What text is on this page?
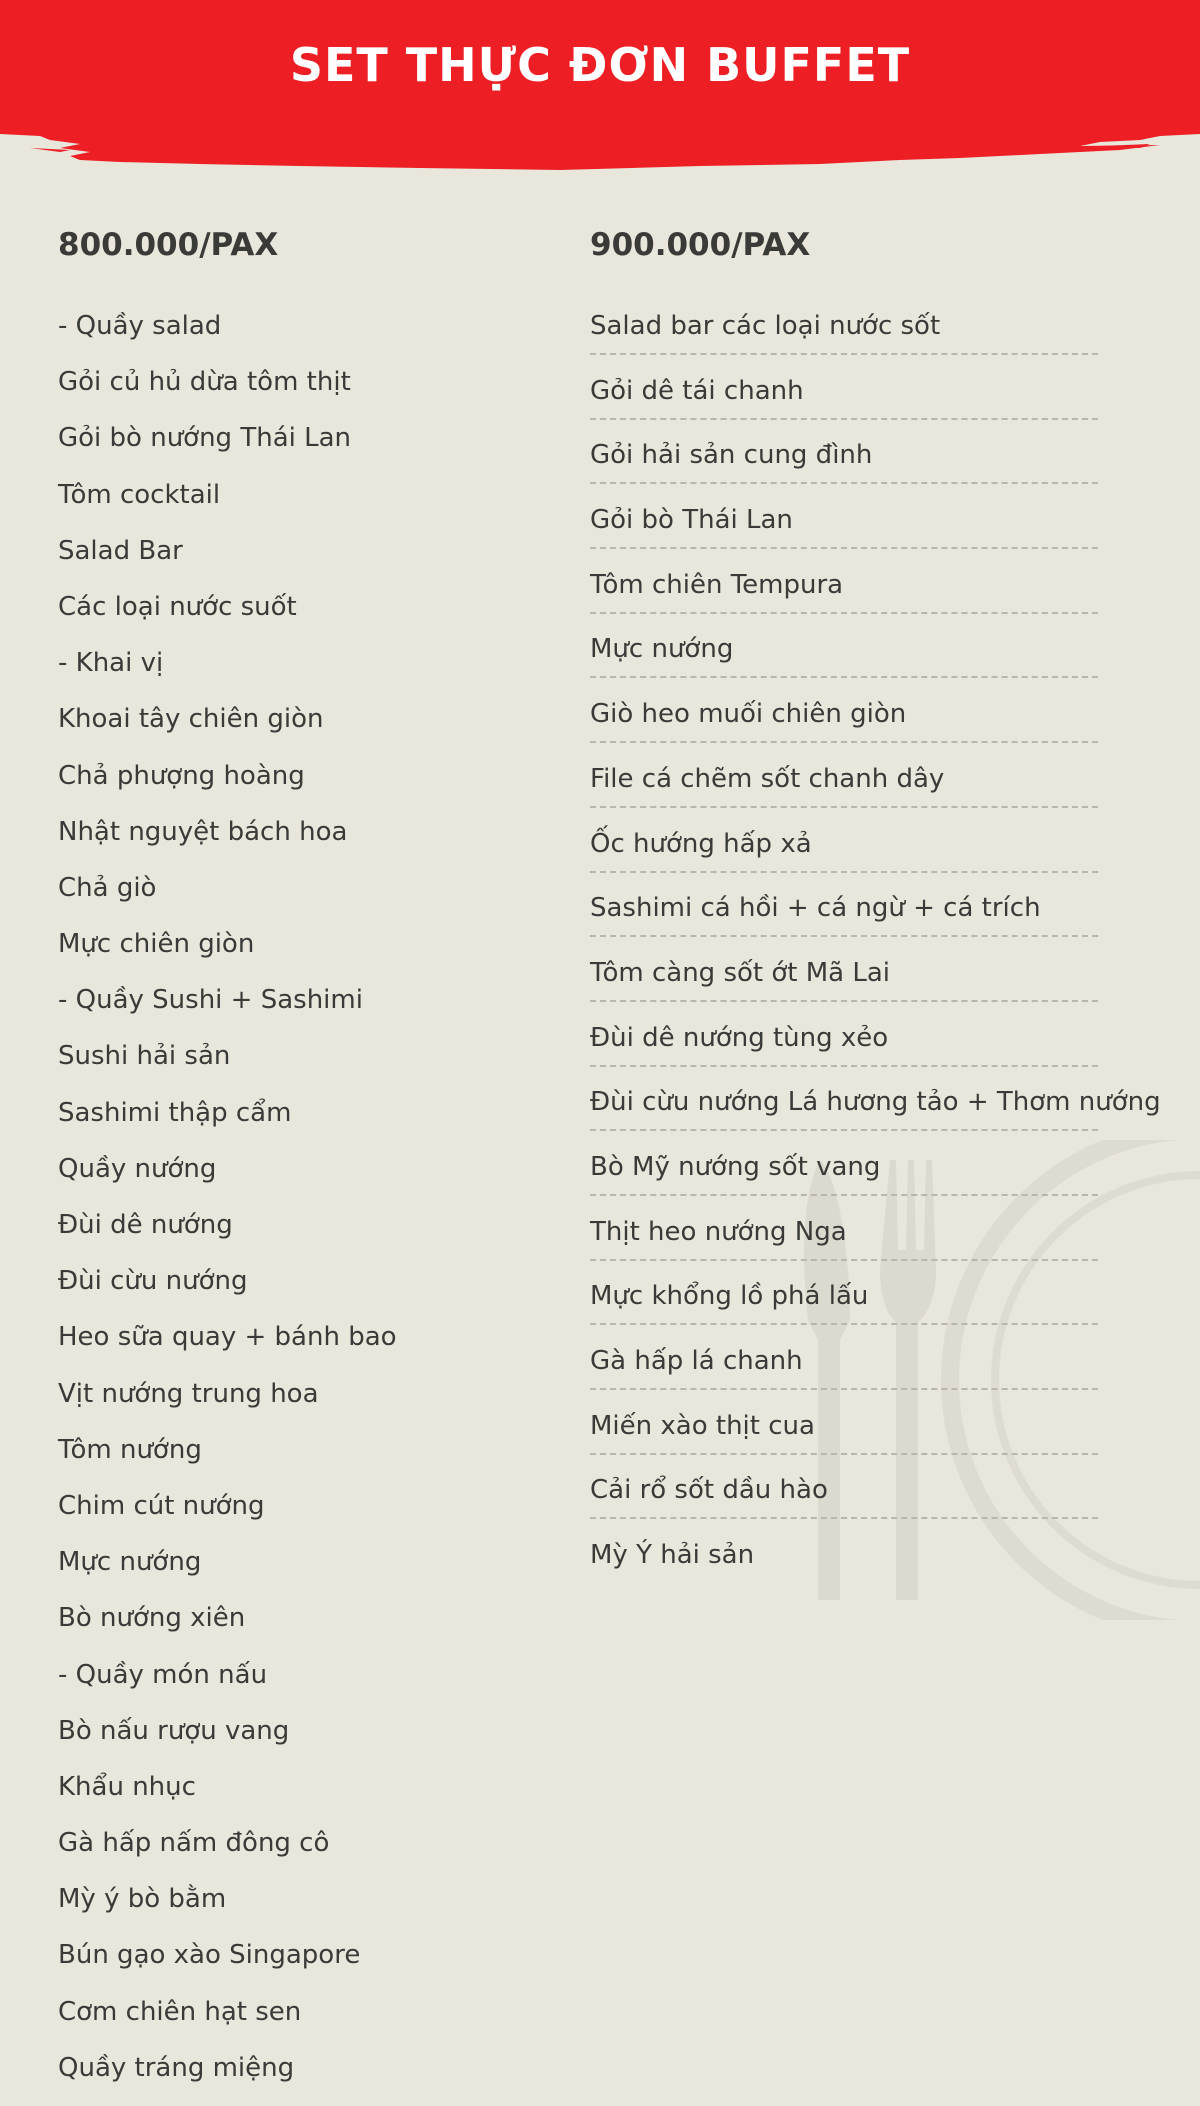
SET THỰC ĐƠN BUFFET
800.000/PAX
- Quầy salad
Gỏi củ hủ dừa tôm thịt
Gỏi bò nướng Thái Lan
Tôm cocktail
Salad Bar
Các loại nước suốt
- Khai vị
Khoai tây chiên giòn
Chả phượng hoàng
Nhật nguyệt bách hoa
Chả giò
Mực chiên giòn
- Quầy Sushi + Sashimi
Sushi hải sản
Sashimi thập cẩm
Quầy nướng
Đùi dê nướng
Đùi cừu nướng
Heo sữa quay + bánh bao
Vịt nướng trung hoa
Tôm nướng
Chim cút nướng
Mực nướng
Bò nướng xiên
- Quầy món nấu
Bò nấu rượu vang
Khẩu nhục
Gà hấp nấm đông cô
Mỳ ý bò bằm
Bún gạo xào Singapore
Cơm chiên hạt sen
Quầy tráng miệng
900.000/PAX
Salad bar các loại nước sốt
Gỏi dê tái chanh
Gỏi hải sản cung đình
Gỏi bò Thái Lan
Tôm chiên Tempura
Mực nướng
Giò heo muối chiên giòn
File cá chẽm sốt chanh dây
Ốc hướng hấp xả
Sashimi cá hồi + cá ngừ + cá trích
Tôm càng sốt ớt Mã Lai
Đùi dê nướng tùng xẻo
Đùi cừu nướng Lá hương tảo + Thơm nướng
Bò Mỹ nướng sốt vang
Thịt heo nướng Nga
Mực khổng lồ phá lấu
Gà hấp lá chanh
Miến xào thịt cua
Cải rổ sốt dầu hào
Mỳ Ý hải sản
